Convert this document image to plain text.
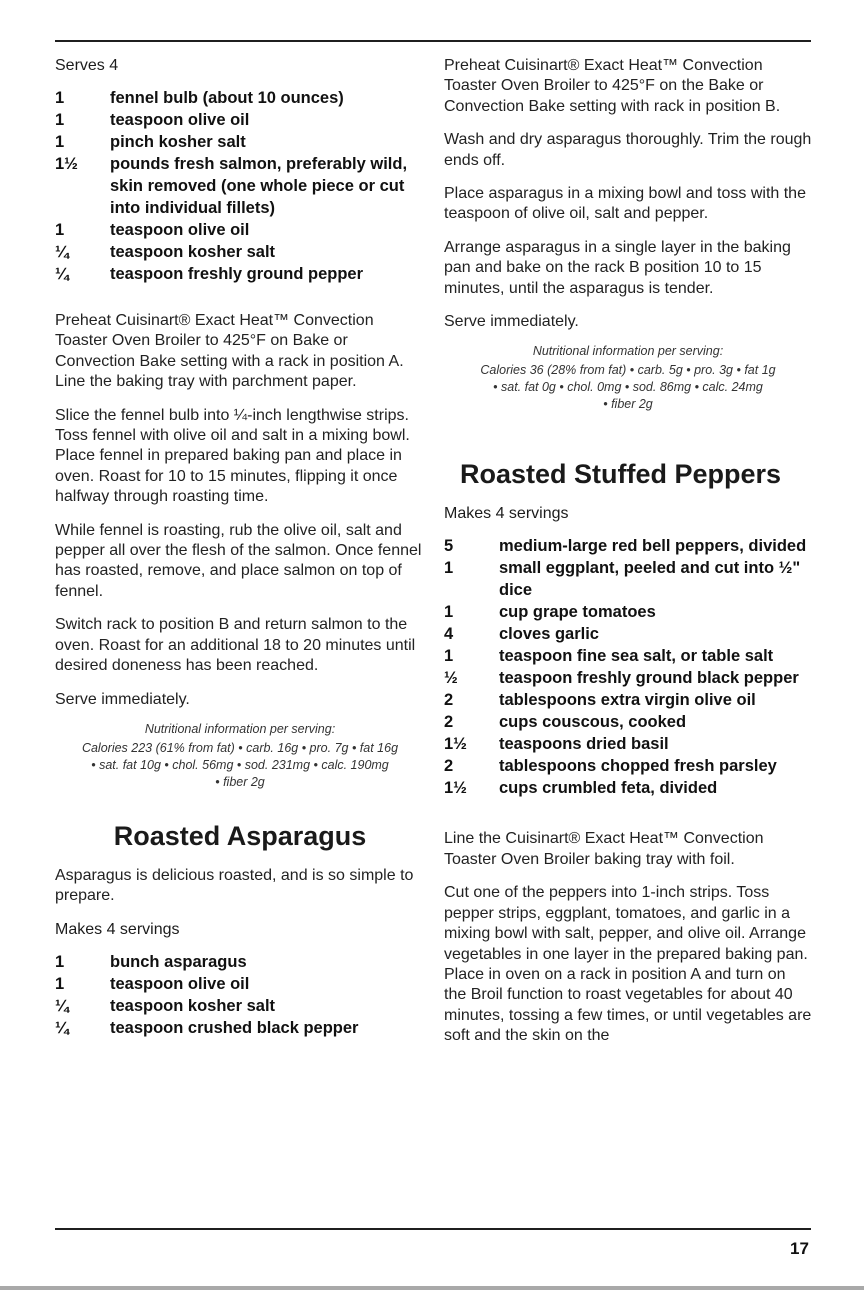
Serves 4

1	fennel bulb (about 10 ounces)
1	teaspoon olive oil
1	pinch kosher salt
1½	pounds fresh salmon, preferably wild, skin removed (one whole piece or cut into individual fillets)
1	teaspoon olive oil
¼	teaspoon kosher salt
¼	teaspoon freshly ground pepper

Preheat Cuisinart® Exact Heat™ Convection Toaster Oven Broiler to 425°F on Bake or Convection Bake setting with a rack in position A. Line the baking tray with parchment paper.

Slice the fennel bulb into ¼-inch lengthwise strips. Toss fennel with olive oil and salt in a mixing bowl. Place fennel in prepared baking pan and place in oven. Roast for 10 to 15 minutes, flipping it once halfway through roasting time.

While fennel is roasting, rub the olive oil, salt and pepper all over the flesh of the salmon. Once fennel has roasted, remove, and place salmon on top of fennel.

Switch rack to position B and return salmon to the oven. Roast for an additional 18 to 20 minutes until desired doneness has been reached.

Serve immediately.

Nutritional information per serving:

Calories 223 (61% from fat) • carb. 16g • pro. 7g • fat 16g

• sat. fat 10g • chol. 56mg • sod. 231mg • calc. 190mg

• fiber 2g

Roasted Asparagus

Asparagus is delicious roasted, and is so simple to prepare.

Makes 4 servings

1	bunch asparagus
1	teaspoon olive oil
¼	teaspoon kosher salt
¼	teaspoon crushed black pepper

Preheat Cuisinart® Exact Heat™ Convection Toaster Oven Broiler to 425°F on the Bake or Convection Bake setting with rack in position B.

Wash and dry asparagus thoroughly. Trim the rough ends off.

Place asparagus in a mixing bowl and toss with the teaspoon of olive oil, salt and pepper.

Arrange asparagus in a single layer in the baking pan and bake on the rack B position 10 to 15 minutes, until the asparagus is tender.

Serve immediately.

Nutritional information per serving:

Calories 36 (28% from fat) • carb. 5g • pro. 3g • fat 1g

• sat. fat 0g • chol. 0mg • sod. 86mg • calc. 24mg

• fiber 2g

Roasted Stuffed Peppers

Makes 4 servings

5	medium-large red bell peppers, divided
1	small eggplant, peeled and cut into ½" dice
1	cup grape tomatoes
4	cloves garlic
1	teaspoon fine sea salt, or table salt
½	teaspoon freshly ground black pepper
2	tablespoons extra virgin olive oil
2	cups couscous, cooked
1½	teaspoons dried basil
2	tablespoons chopped fresh parsley
1½	cups crumbled feta, divided

Line the Cuisinart® Exact Heat™ Convection Toaster Oven Broiler baking tray with foil.

Cut one of the peppers into 1-inch strips. Toss pepper strips, eggplant, tomatoes, and garlic in a mixing bowl with salt, pepper, and olive oil. Arrange vegetables in one layer in the prepared baking pan. Place in oven on a rack in position A and turn on the Broil function to roast vegetables for about 40 minutes, tossing a few times, or until vegetables are soft and the skin on the

17
